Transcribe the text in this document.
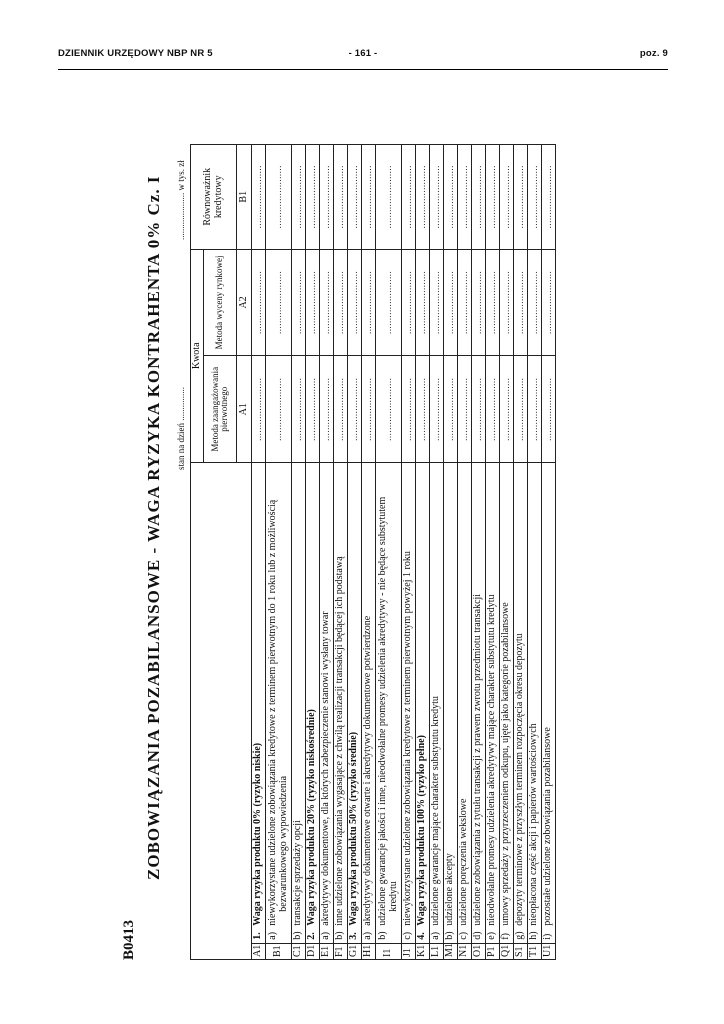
DZIENNIK URZĘDOWY NBP NR 5	- 161 -	poz. 9
B0413
ZOBOWIĄZANIA POZABILANSOWE - WAGA RYZYKA KONTRAHENTA 0% Cz. I
		Kwota		Równoważnik kredytowy
		Metoda zaangażowania pierwotnego	Metoda wyceny rynkowej	
		A1	A2	B1
A1	1.Waga ryzyka produktu 0% (ryzyko niskie)	.......................	.......................	.......................
B1	a)niewykorzystane udzielone zobowiązania kredytowe z terminem pierwotnym do 1 roku lub z możliwością
bezwarunkowego wypowiedzenia	.......................	.......................	.......................
C1	b)transakcje sprzedaży opcji	.......................	.......................	.......................
D1	2.Waga ryzyka produktu 20% (ryzyko niskośrednie)	.......................	.......................	.......................
E1	a)akredytywy dokumentowe, dla których zabezpieczenie stanowi wysłany towar	.......................	.......................	.......................
F1	b)inne udzielone zobowiązania wygasające z chwilą realizacji transakcji będącej ich podstawą	.......................	.......................	.......................
G1	3.Waga ryzyka produktu 50% (ryzyko średnie)	.......................	.......................	.......................
H1	a)akredytywy dokumentowe otwarte i akredytywy dokumentowe potwierdzone	.......................	.......................	.......................
I1	b)udzielone gwarancje jakości i inne, nieodwołalne promesy udzielenia akredytywy - nie będące substytutem
kredytu	.......................	.......................	.......................
J1	c)niewykorzystane udzielone zobowiązania kredytowe z terminem pierwotnym powyżej 1 roku	.......................	.......................	.......................
K1	4.Waga ryzyka produktu 100% (ryzyko pełne)	.......................	.......................	.......................
L1	a)udzielone gwarancje mające charakter substytutu kredytu	.......................	.......................	.......................
M1	b)udzielone akcepty	.......................	.......................	.......................
N1	c)udzielone poręczenia wekslowe	.......................	.......................	.......................
O1	d)udzielone zobowiązania z tytułu transakcji z prawem zwrotu przedmiotu transakcji	.......................	.......................	.......................
P1	e)nieodwołalne promesy udzielenia akredytywy mające charakter substytutu kredytu	.......................	.......................	.......................
Q1	f)umowy sprzedaży z przyrzeczeniem odkupu, ujęte jako kategorie pozabilansowe	.......................	.......................	.......................
S1	g)depozyty terminowe z przyszłym terminem rozpoczęcia okresu depozytu	.......................	.......................	.......................
T1	h)nieopłacona część akcji i papierów wartościowych	.......................	.......................	.......................
U1	i)pozostałe udzielone zobowiązania pozabilansowe	.......................	.......................	.......................
stan na dzień ...............
..................... w tys. zł
